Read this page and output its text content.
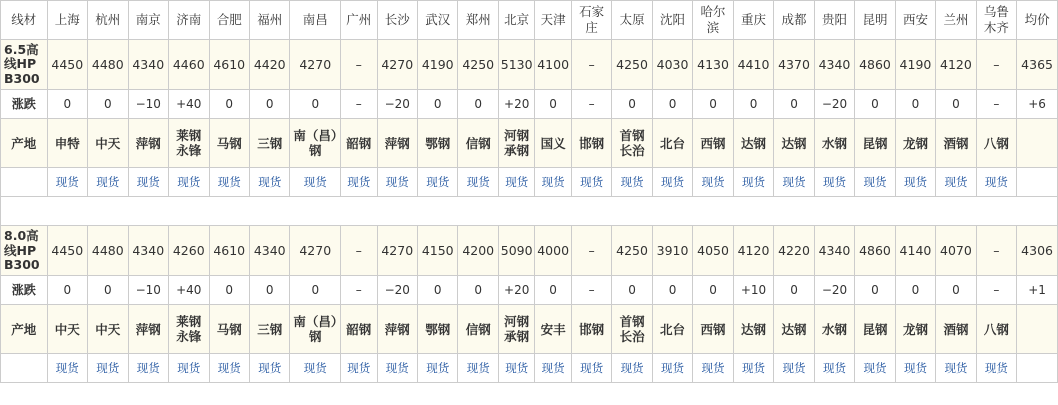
线材	上海	杭州	南京	济南	合肥	福州	南昌	广州	长沙	武汉	郑州	北京	天津	石家庄	太原	沈阳	哈尔滨	重庆	成都	贵阳	昆明	西安	兰州	乌鲁木齐	均价
6.5高线HPB300	4450	4480	4340	4460	4610	4420	4270	–	4270	4190	4250	5130	4100	–	4250	4030	4130	4410	4370	4340	4860	4190	4120	–	4365
涨跌	0	0	−10	+40	0	0	0	–	−20	0	0	+20	0	–	0	0	0	0	0	−20	0	0	0	–	+6
产地	申特	中天	萍钢	莱钢永锋	马钢	三钢	南（昌）钢	韶钢	萍钢	鄂钢	信钢	河钢承钢	国义	邯钢	首钢长治	北台	西钢	达钢	达钢	水钢	昆钢	龙钢	酒钢	八钢	
	现货	现货	现货	现货	现货	现货	现货	现货	现货	现货	现货	现货	现货	现货	现货	现货	现货	现货	现货	现货	现货	现货	现货	现货	

8.0高线HPB300	4450	4480	4340	4260	4610	4340	4270	–	4270	4150	4200	5090	4000	–	4250	3910	4050	4120	4220	4340	4860	4140	4070	–	4306
涨跌	0	0	−10	+40	0	0	0	–	−20	0	0	+20	0	–	0	0	0	+10	0	−20	0	0	0	–	+1
产地	中天	中天	萍钢	莱钢永锋	马钢	三钢	南（昌）钢	韶钢	萍钢	鄂钢	信钢	河钢承钢	安丰	邯钢	首钢长治	北台	西钢	达钢	达钢	水钢	昆钢	龙钢	酒钢	八钢	
	现货	现货	现货	现货	现货	现货	现货	现货	现货	现货	现货	现货	现货	现货	现货	现货	现货	现货	现货	现货	现货	现货	现货	现货	
